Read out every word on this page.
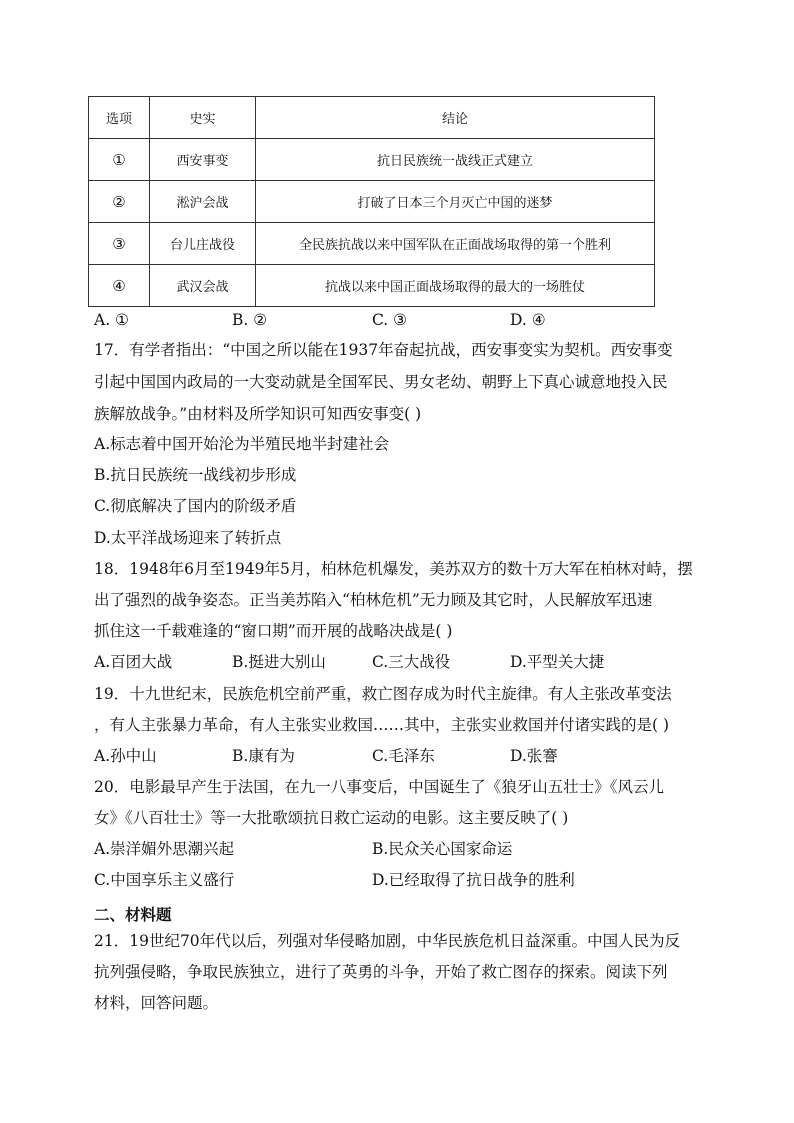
选项	史实	结论
①	西安事变	抗日民族统一战线正式建立
②	淞沪会战	打破了日本三个月灭亡中国的迷梦
③	台儿庄战役	全民族抗战以来中国军队在正面战场取得的第一个胜利
④	武汉会战	抗战以来中国正面战场取得的最大的一场胜仗
A. ①	B. ②	C. ③	D. ④
17．有学者指出：“中国之所以能在1937年奋起抗战，西安事变实为契机。西安事变
引起中国国内政局的一大变动就是全国军民、男女老幼、朝野上下真心诚意地投入民
族解放战争。”由材料及所学知识可知西安事变( )
A.标志着中国开始沦为半殖民地半封建社会
B.抗日民族统一战线初步形成
C.彻底解决了国内的阶级矛盾
D.太平洋战场迎来了转折点
18．1948年6月至1949年5月，柏林危机爆发，美苏双方的数十万大军在柏林对峙，摆
出了强烈的战争姿态。正当美苏陷入“柏林危机”无力顾及其它时，人民解放军迅速
抓住这一千载难逢的“窗口期”而开展的战略决战是( )
A.百团大战	B.挺进大别山	C.三大战役	D.平型关大捷
19．十九世纪末，民族危机空前严重，救亡图存成为时代主旋律。有人主张改革变法
，有人主张暴力革命，有人主张实业救国……其中，主张实业救国并付诸实践的是( )
A.孙中山	B.康有为	C.毛泽东	D.张謇
20．电影最早产生于法国，在九一八事变后，中国诞生了《狼牙山五壮士》《风云儿
女》《八百壮士》等一大批歌颂抗日救亡运动的电影。这主要反映了( )
A.崇洋媚外思潮兴起	B.民众关心国家命运
C.中国享乐主义盛行	D.已经取得了抗日战争的胜利
二、材料题
21．19世纪70年代以后，列强对华侵略加剧，中华民族危机日益深重。中国人民为反
抗列强侵略，争取民族独立，进行了英勇的斗争，开始了救亡图存的探索。阅读下列
材料，回答问题。
